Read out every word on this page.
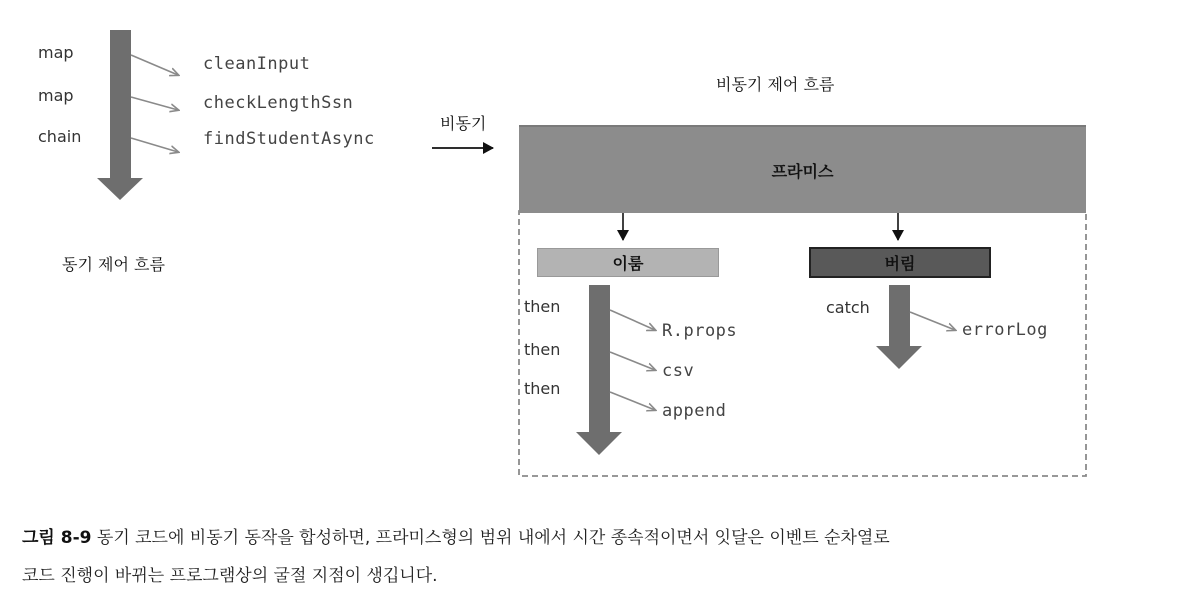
map
map
chain
cleanInput
checkLengthSsn
findStudentAsync
동기 제어 흐름
비동기
비동기 제어 흐름
프라미스
이룸	버림
then
then
then
R.props
csv
append
catch
errorLog
그림 8-9 동기 코드에 비동기 동작을 합성하면, 프라미스형의 범위 내에서 시간 종속적이면서 잇달은 이벤트 순차열로
코드 진행이 바뀌는 프로그램상의 굴절 지점이 생깁니다.
